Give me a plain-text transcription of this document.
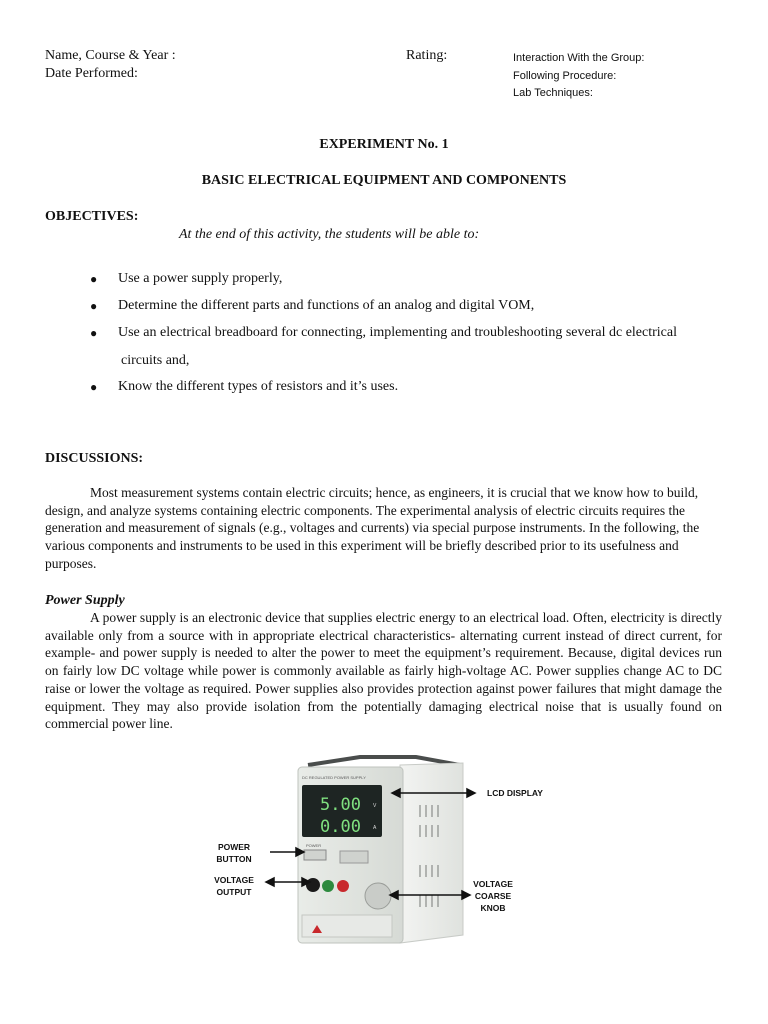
Name, Course & Year :
Date Performed:
Rating:	Interaction With the Group:
Following Procedure:
Lab Techniques:
EXPERIMENT No. 1
BASIC ELECTRICAL EQUIPMENT AND COMPONENTS
OBJECTIVES:
At the end of this activity, the students will be able to:
● Use a power supply properly,
● Determine the different parts and functions of an analog and digital VOM,
● Use an electrical breadboard for connecting, implementing and troubleshooting several dc electrical
circuits and,
● Know the different types of resistors and it’s uses.
DISCUSSIONS:
Most measurement systems contain electric circuits; hence, as engineers, it is crucial that we know how to build, design, and analyze systems containing electric components. The experimental analysis of electric circuits requires the generation and measurement of signals (e.g., voltages and currents) via special purpose instruments. In the following, the various components and instruments to be used in this experiment will be briefly described prior to its usefulness and purposes.
Power Supply
A power supply is an electronic device that supplies electric energy to an electrical load. Often, electricity is directly available only from a source with in appropriate electrical characteristics- alternating current instead of direct current, for example- and power supply is needed to alter the power to meet the equipment’s requirement. Because, digital devices run on fairly low DC voltage while power is commonly available as fairly high-voltage AC. Power supplies change AC to DC raise or lower the voltage as required. Power supplies also provides protection against power failures that might damage the equipment. They may also provide isolation from the potentially damaging electrical noise that is usually found on commercial power line.
DC REGULATED POWER SUPPLY
5.00
0.00
V
A
POWER
LCD DISPLAY
POWER
BUTTON
VOLTAGE
OUTPUT
VOLTAGE
COARSE
KNOB
